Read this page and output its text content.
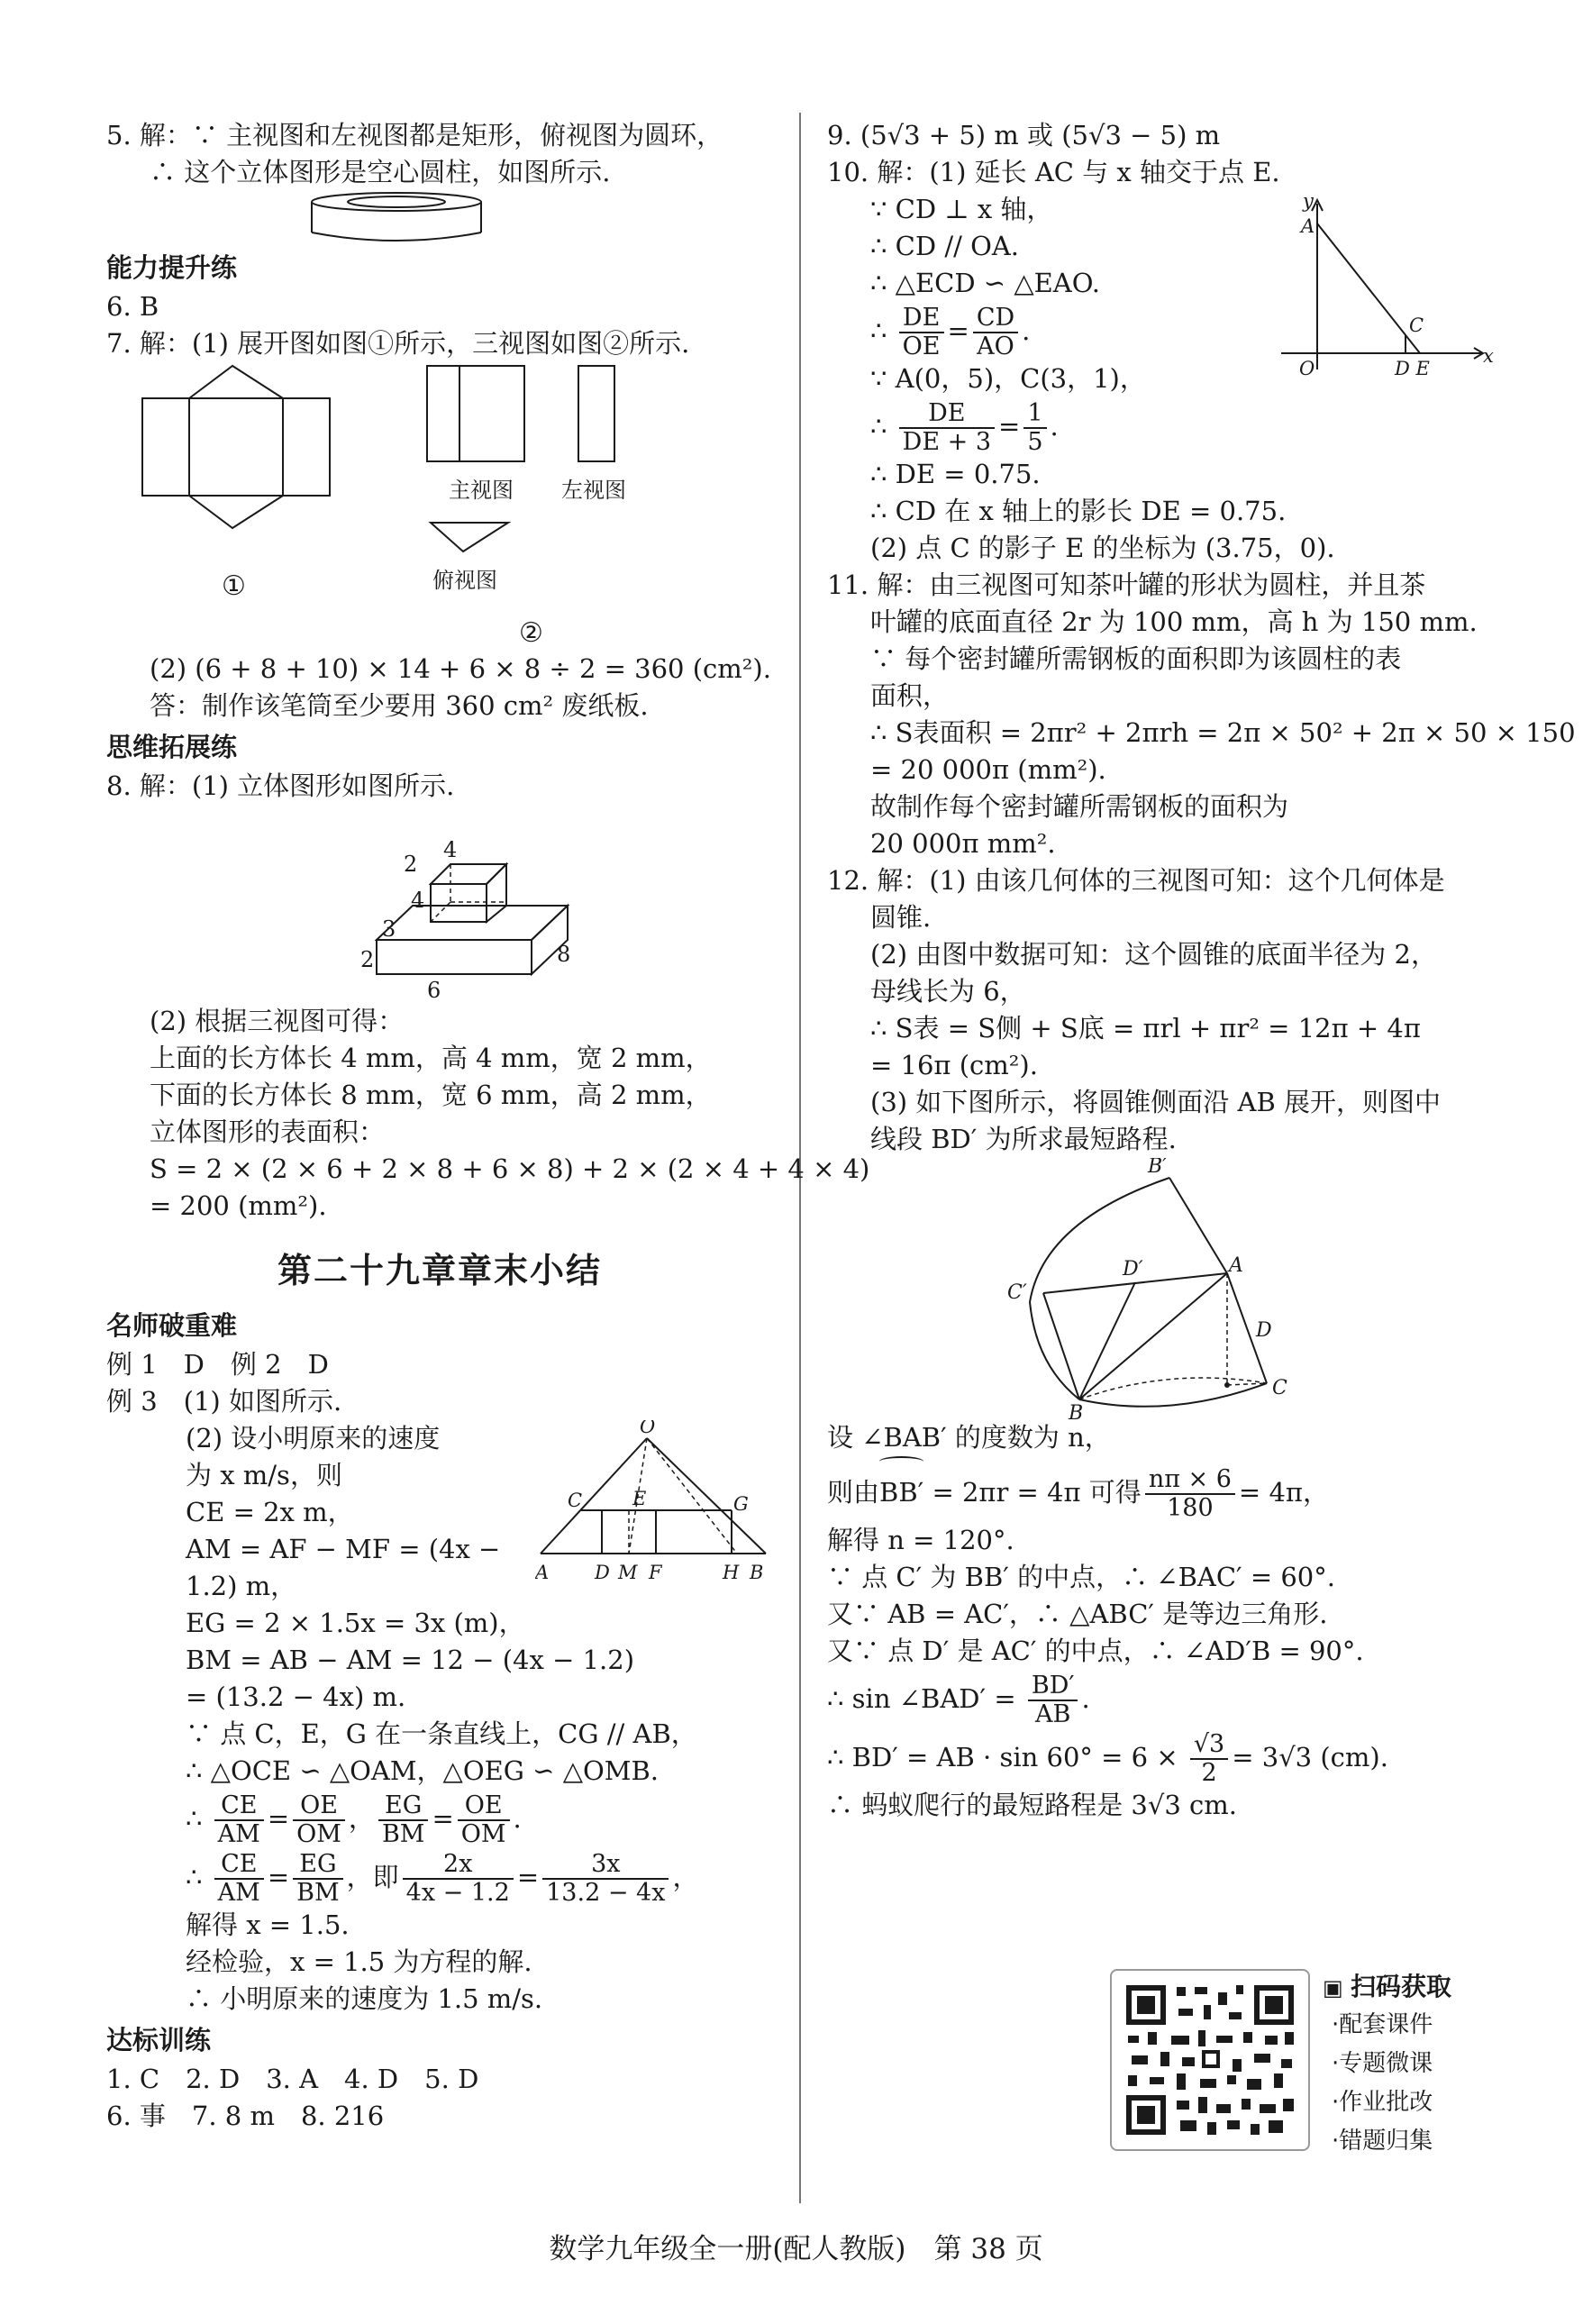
5. 解：∵ 主视图和左视图都是矩形，俯视图为圆环，

∴ 这个立体图形是空心圆柱，如图所示.

能力提升练

6. B

7. 解：(1) 展开图如图①所示，三视图如图②所示.

主视图 左视图
俯视图
①
②

(2) (6 + 8 + 10) × 14 + 6 × 8 ÷ 2 = 360 (cm²).

答：制作该笔筒至少要用 360 cm² 废纸板.

思维拓展练

8. 解：(1) 立体图形如图所示.

2
4
4
3
2	8
6

(2) 根据三视图可得：

上面的长方体长 4 mm，高 4 mm，宽 2 mm，

下面的长方体长 8 mm，宽 6 mm，高 2 mm，

立体图形的表面积：

S = 2 × (2 × 6 + 2 × 8 + 6 × 8) + 2 × (2 × 4 + 4 × 4)

= 200 (mm²).

第二十九章章末小结

名师破重难

例 1　D　例 2　D

例 3　(1) 如图所示.

O
C	E	G
A D M F	H B

(2) 设小明原来的速度

为 x m/s，则

CE = 2x m，

AM = AF − MF = (4x −

1.2) m，

EG = 2 × 1.5x = 3x (m)，

BM = AB − AM = 12 − (4x − 1.2)

= (13.2 − 4x) m.

∵ 点 C，E，G 在一条直线上，CG // AB，

∴ △OCE ∽ △OAM，△OEG ∽ △OMB.

∴ $\frac{CE}{AM} = \frac{OE}{OM}$ ， $\frac{EG}{BM} = \frac{OE}{OM}$ .

∴ $\frac{CE}{AM} = \frac{EG}{BM}$ ，即 $\frac{2x}{4x - 1.2} = \frac{3x}{13.2 - 4x}$ ，

解得 x = 1.5.

经检验，x = 1.5 为方程的解.

∴ 小明原来的速度为 1.5 m/s.

达标训练

1. C　2. D　3. A　4. D　5. D

6. 事　7. 8 m　8. 216

9. (5√3 + 5) m 或 (5√3 − 5) m

10. 解：(1) 延长 AC 与 x 轴交于点 E.

y
A
C
O	D E
x

∵ CD ⊥ x 轴，

∴ CD // OA.

∴ △ECD ∽ △EAO.

∴ $\frac{DE}{OE} = \frac{CD}{AO}$ .

∵ A(0，5)，C(3，1)，

∴ $\frac{DE}{DE + 3} = \frac{1}{5}$ .

∴ DE = 0.75.

∴ CD 在 x 轴上的影长 DE = 0.75.

(2) 点 C 的影子 E 的坐标为 (3.75，0).

11. 解：由三视图可知茶叶罐的形状为圆柱，并且茶

叶罐的底面直径 2r 为 100 mm，高 h 为 150 mm.

∵ 每个密封罐所需钢板的面积即为该圆柱的表

面积，

∴ S表面积 = 2πr² + 2πrh = 2π × 50² + 2π × 50 × 150

= 20 000π (mm²).

故制作每个密封罐所需钢板的面积为

20 000π mm².

12. 解：(1) 由该几何体的三视图可知：这个几何体是

圆锥.

(2) 由图中数据可知：这个圆锥的底面半径为 2，

母线长为 6，

∴ S表 = S侧 + S底 = πrl + πr² = 12π + 4π

= 16π (cm²).

(3) 如下图所示，将圆锥侧面沿 AB 展开，则图中

线段 BD′ 为所求最短路程.

B′
C′
D′	A
D
B
C

设 ∠BAB′ 的度数为 n，

则由
BB′ = 2πr = 4π 可得 $\frac{n\pi \times 6}{180} = 4\pi$，

解得 n = 120°.

∵ 点 C′ 为 BB′ 的中点，∴ ∠BAC′ = 60°.

又∵ AB = AC′，∴ △ABC′ 是等边三角形.

又∵ 点 D′ 是 AC′ 的中点，∴ ∠AD′B = 90°.

∴ sin ∠BAD′ = $\frac{BD'}{AB}$ .

∴ BD′ = AB · $\sin 60^\circ = 6 \times \frac{√3}{2} = 3√3$ (cm).

∴ 蚂蚁爬行的最短路程是 3√3 cm.

▣ 扫码获取
·配套课件
·专题微课
·作业批改
·错题归集
数学九年级全一册(配人教版)　第 38 页
